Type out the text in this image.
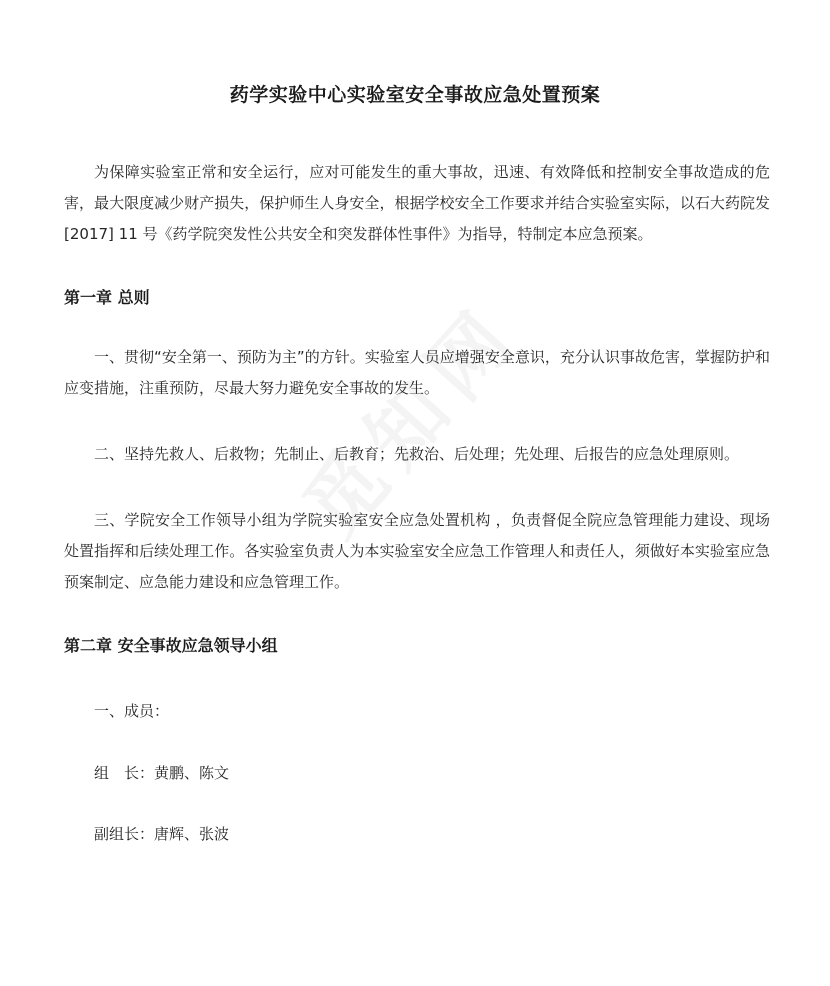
药学实验中心实验室安全事故应急处置预案

为保障实验室正常和安全运行，应对可能发生的重大事故，迅速、有效降低和控制安全事故造成的危害，最大限度减少财产损失，保护师生人身安全，根据学校安全工作要求并结合实验室实际，以石大药院发[2017] 11 号《药学院突发性公共安全和突发群体性事件》为指导，特制定本应急预案。

第一章 总则

一、贯彻“安全第一、预防为主”的方针。实验室人员应增强安全意识，充分认识事故危害，掌握防护和应变措施，注重预防，尽最大努力避免安全事故的发生。

二、坚持先救人、后救物；先制止、后教育；先救治、后处理；先处理、后报告的应急处理原则。

三、学院安全工作领导小组为学院实验室安全应急处置机构 ，负责督促全院应急管理能力建设、现场处置指挥和后续处理工作。各实验室负责人为本实验室安全应急工作管理人和责任人，须做好本实验室应急预案制定、应急能力建设和应急管理工作。

第二章 安全事故应急领导小组

一、成员：

组　长：黄鹏、陈文

副组长：唐辉、张波
